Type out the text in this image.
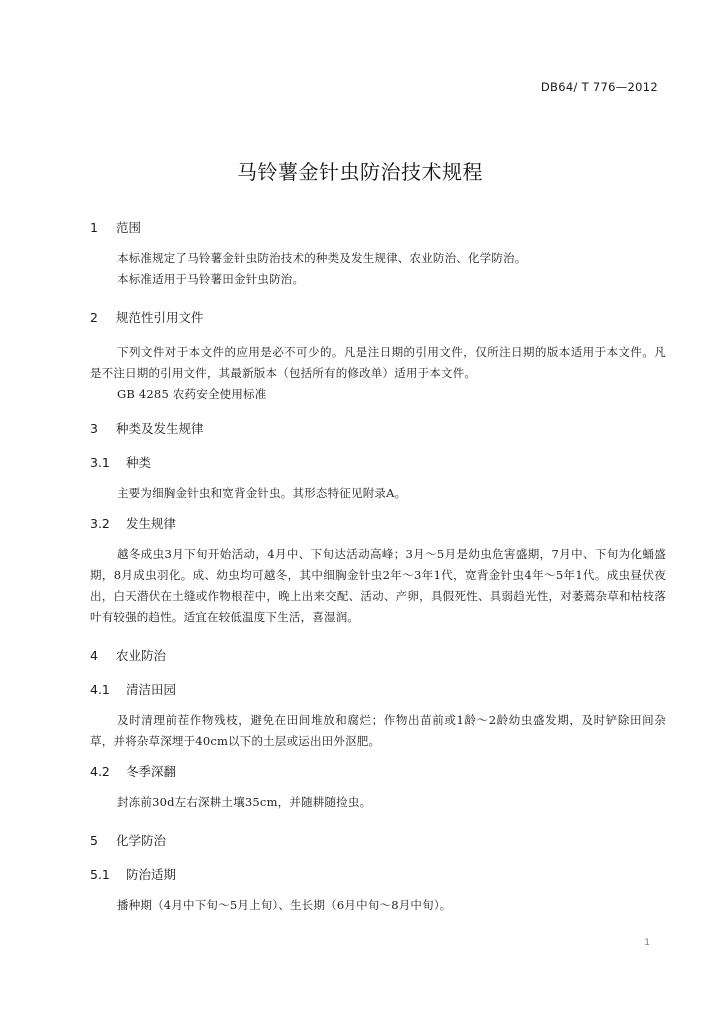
DB64/ T 776—2012
马铃薯金针虫防治技术规程
1	范围
本标准规定了马铃薯金针虫防治技术的种类及发生规律、农业防治、化学防治。
本标准适用于马铃薯田金针虫防治。
2	规范性引用文件
下列文件对于本文件的应用是必不可少的。凡是注日期的引用文件，仅所注日期的版本适用于本文件。凡是不注日期的引用文件，其最新版本（包括所有的修改单）适用于本文件。
GB 4285 农药安全使用标准
3	种类及发生规律
3.1	种类
主要为细胸金针虫和宽背金针虫。其形态特征见附录A。
3.2	发生规律
越冬成虫3月下旬开始活动，4月中、下旬达活动高峰；3月～5月是幼虫危害盛期，7月中、下旬为化蛹盛期，8月成虫羽化。成、幼虫均可越冬，其中细胸金针虫2年～3年1代，宽背金针虫4年～5年1代。成虫昼伏夜出，白天潜伏在土缝或作物根茬中，晚上出来交配、活动、产卵，具假死性、具弱趋光性，对萎蔫杂草和枯枝落叶有较强的趋性。适宜在较低温度下生活，喜湿润。
4	农业防治
4.1	清洁田园
及时清理前茬作物残枝，避免在田间堆放和腐烂；作物出苗前或1龄～2龄幼虫盛发期，及时铲除田间杂草，并将杂草深埋于40cm以下的土层或运出田外沤肥。
4.2	冬季深翻
封冻前30d左右深耕土壤35cm，并随耕随捡虫。
5	化学防治
5.1	防治适期
播种期（4月中下旬～5月上旬）、生长期（6月中旬～8月中旬）。
1
